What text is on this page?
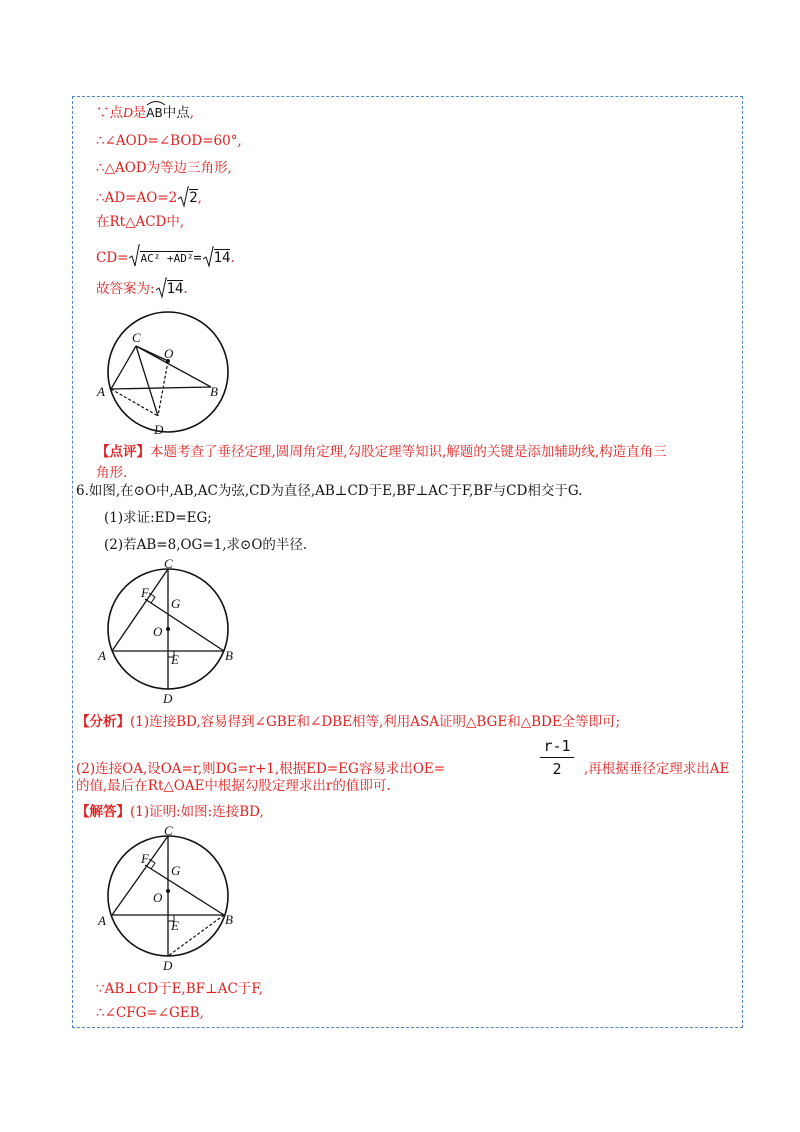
∵点D是AB
中点,
∴∠AOD=∠BOD=60°,
∴△AOD为等边三角形,
∴AD=AO=2 2,
在Rt△ACD中,
CD= AC² +AD²= 14.
故答案为: 14.
C
O
A	B
D
【点评】本题考查了垂径定理,圆周角定理,勾股定理等知识,解题的关键是添加辅助线,构造直角三
角形.
6.如图,在⊙O中,AB,AC为弦,CD为直径,AB⊥CD于E,BF⊥AC于F,BF与CD相交于G.
(1)求证:ED=EG;
(2)若AB=8,OG=1,求⊙O的半径.
C
F
G
O
A	E	B
D
【分析】(1)连接BD,容易得到∠GBE和∠DBE相等,利用ASA证明△BGE和△BDE全等即可;
(2)连接OA,设OA=r,则DG=r+1,根据ED=EG容易求出OE=
r-1
2	,再根据垂径定理求出AE
的值,最后在Rt△OAE中根据勾股定理求出r的值即可.
【解答】(1)证明:如图:连接BD,
C
F
G
O
A	E	B
D
∵AB⊥CD于E,BF⊥AC于F,
∴∠CFG=∠GEB,
